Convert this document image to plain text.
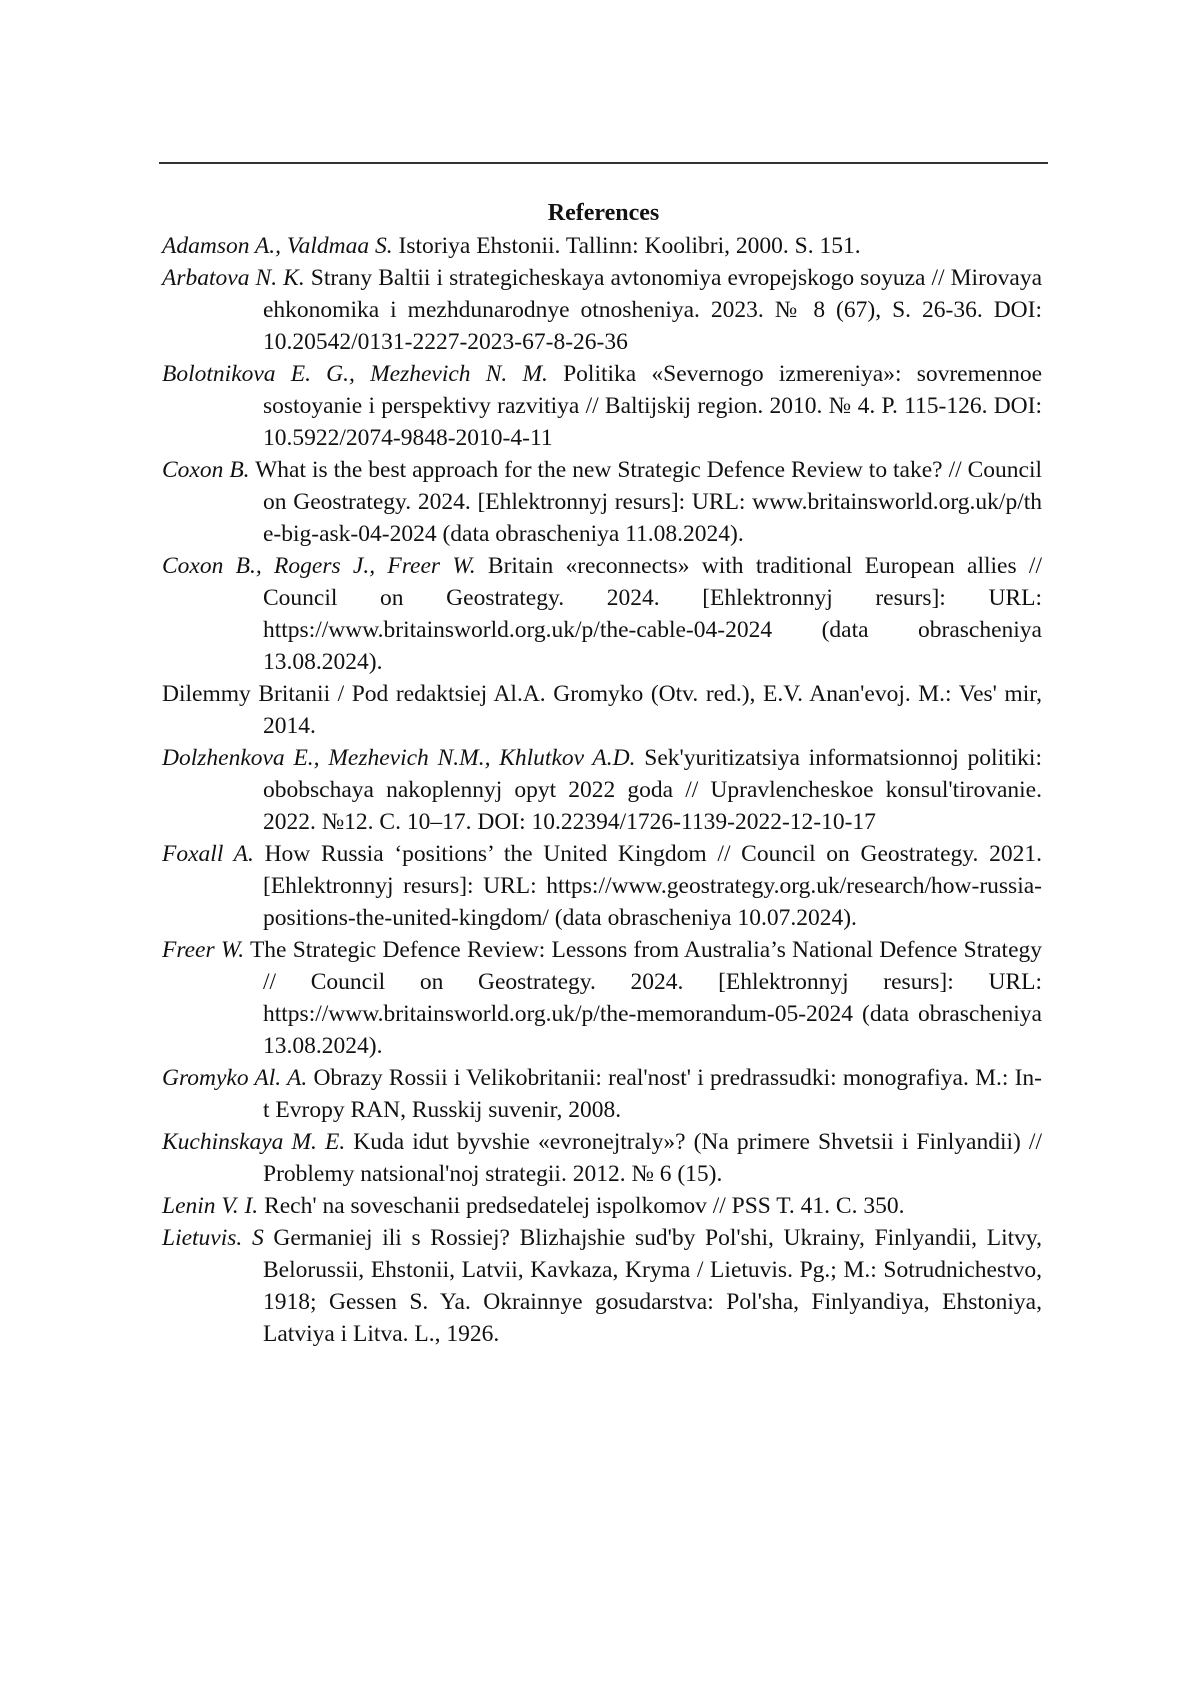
References
Adamson A., Valdmaa S. Istoriya Ehstonii. Tallinn: Koolibri, 2000. S. 151.
Arbatova N. K. Strany Baltii i strategicheskaya avtonomiya evropejskogo soyuza // Mirovaya ehkonomika i mezhdunarodnye otnosheniya. 2023. № 8 (67), S. 26-36. DOI: 10.20542/0131-2227-2023-67-8-26-36
Bolotnikova E. G., Mezhevich N. M. Politika «Severnogo izmereniya»: sovremennoe sostoyanie i perspektivy razvitiya // Baltijskij region. 2010. № 4. P. 115-126. DOI: 10.5922/2074-9848-2010-4-11
Coxon B. What is the best approach for the new Strategic Defence Review to take? // Council on Geostrategy. 2024. [Ehlektronnyj resurs]: URL: www.britainsworld.org.uk/p/the-big-ask-04-2024 (data obrascheniya 11.08.2024).
Coxon B., Rogers J., Freer W. Britain «reconnects» with traditional European allies // Council on Geostrategy. 2024. [Ehlektronnyj resurs]: URL: https://www.britainsworld.org.uk/p/the-cable-04-2024 (data obrascheniya 13.08.2024).
Dilemmy Britanii / Pod redaktsiej Al.A. Gromyko (Otv. red.), E.V. Anan'evoj. M.: Ves' mir, 2014.
Dolzhenkova E., Mezhevich N.M., Khlutkov A.D. Sek'yuritizatsiya informatsionnoj politiki: obobschaya nakoplennyj opyt 2022 goda // Upravlencheskoe konsul'tirovanie. 2022. №12. C. 10–17. DOI: 10.22394/1726-1139-2022-12-10-17
Foxall A. How Russia ‘positions’ the United Kingdom // Council on Geostrategy. 2021.[Ehlektronnyj resurs]: URL: https://www.geostrategy.org.uk/research/how-russia-positions-the-united-kingdom/ (data obrascheniya 10.07.2024).
Freer W. The Strategic Defence Review: Lessons from Australia’s National Defence Strategy // Council on Geostrategy. 2024. [Ehlektronnyj resurs]: URL: https://www.britainsworld.org.uk/p/the-memorandum-05-2024 (data obrascheniya 13.08.2024).
Gromyko Al. A. Obrazy Rossii i Velikobritanii: real'nost' i predrassudki: monografiya. M.: In-t Evropy RAN, Russkij suvenir, 2008.
Kuchinskaya M. E. Kuda idut byvshie «evronejtraly»? (Na primere Shvetsii i Finlyandii) // Problemy natsional'noj strategii. 2012. № 6 (15).
Lenin V. I. Rech' na soveschanii predsedatelej ispolkomov // PSS T. 41. C. 350.
Lietuvis. S Germaniej ili s Rossiej? Blizhajshie sud'by Pol'shi, Ukrainy, Finlyandii, Litvy, Belorussii, Ehstonii, Latvii, Kavkaza, Kryma / Lietuvis. Pg.; M.: Sotrudnichestvo, 1918; Gessen S. Ya. Okrainnye gosudarstva: Pol'sha, Finlyandiya, Ehstoniya, Latviya i Litva. L., 1926.
